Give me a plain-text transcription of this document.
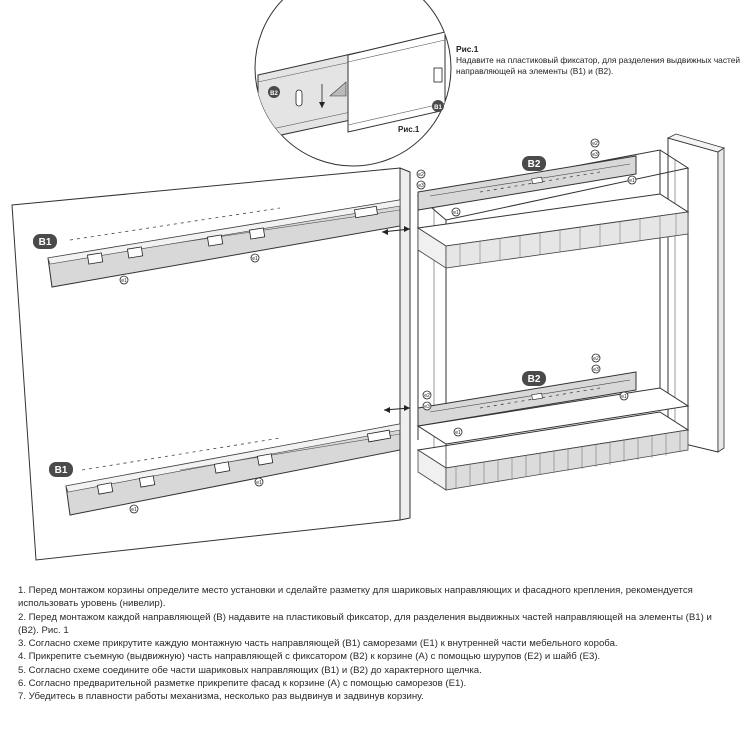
B1
e1
e1
B1
e1
e1
B2
B2
e2
e3
e2
e3
e1
e1
e2
e3
e2
e3
e1
e1
B2
B1
Рис.1
Рис.1
Надавите на пластиковый фиксатор, для разделения выдвижных частей направляющей на элементы (B1) и (B2).
1. Перед монтажом корзины определите место установки и сделайте разметку для шариковых направляющих и фасадного крепления, рекомендуется использовать уровень (нивелир).
2. Перед монтажом каждой направляющей (B) надавите на пластиковый фиксатор, для разделения выдвижных частей направляющей на элементы (B1) и (B2). Рис. 1
3. Согласно схеме прикрутите каждую монтажную часть направляющей (B1) саморезами (E1) к внутренней части мебельного короба.
4. Прикрепите съемную (выдвижную) часть направляющей с фиксатором (B2) к корзине (A) с помощью шурупов (E2) и шайб (E3).
5. Согласно схеме соедините обе части шариковых направляющих (B1) и (B2) до характерного щелчка.
6. Согласно предварительной разметке прикрепите фасад к корзине (A) с помощью саморезов (E1).
7. Убедитесь в плавности работы механизма, несколько раз выдвинув и задвинув корзину.
